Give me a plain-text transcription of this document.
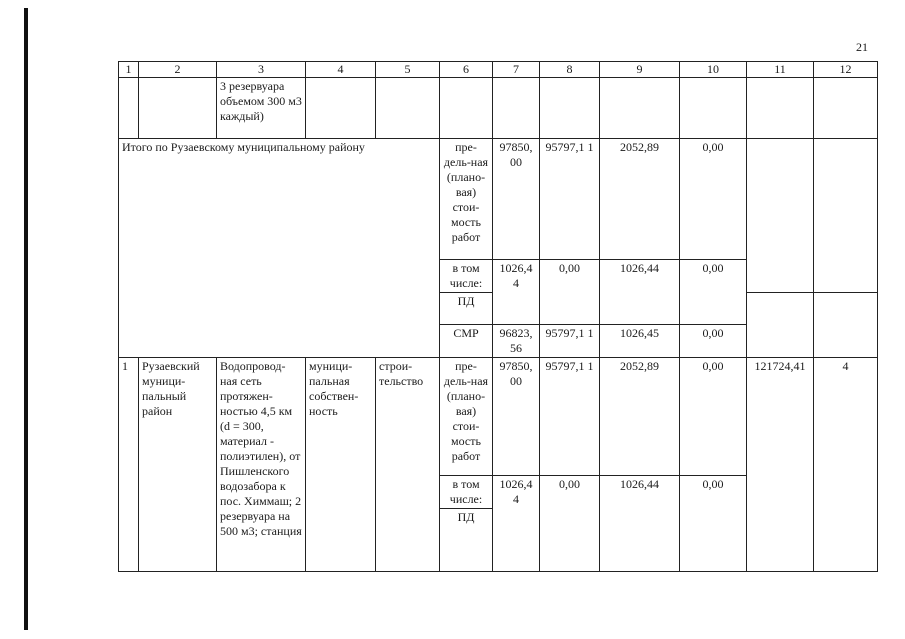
21
1	2	3	4	5	6	7	8	9	10	11	12
		3 резервуара объемом 300 м3 каждый)									
Итого по Рузаевскому муниципальному району					пре-дель-ная (плано-вая) стои-мость работ	97850, 00	95797,1 1	2052,89	0,00		
					в том числе:	1026,4 4	0,00	1026,44	0,00		
					ПД						
					СМР	96823, 56	95797,1 1	1026,45	0,00		
1	Рузаевский муници-пальный район	Водопровод-ная сеть протяжен-ностью 4,5 км (d = 300, материал - полиэтилен), от Пишленского водозабора к пос. Химмаш; 2 резервуара на 500 м3; станция	муници-пальная собствен-ность	строи-тельство	пре-дель-ная (плано-вая) стои-мость работ	97850, 00	95797,1 1	2052,89	0,00	121724,41	4
					в том числе:	1026,4 4	0,00	1026,44	0,00		
					ПД						
